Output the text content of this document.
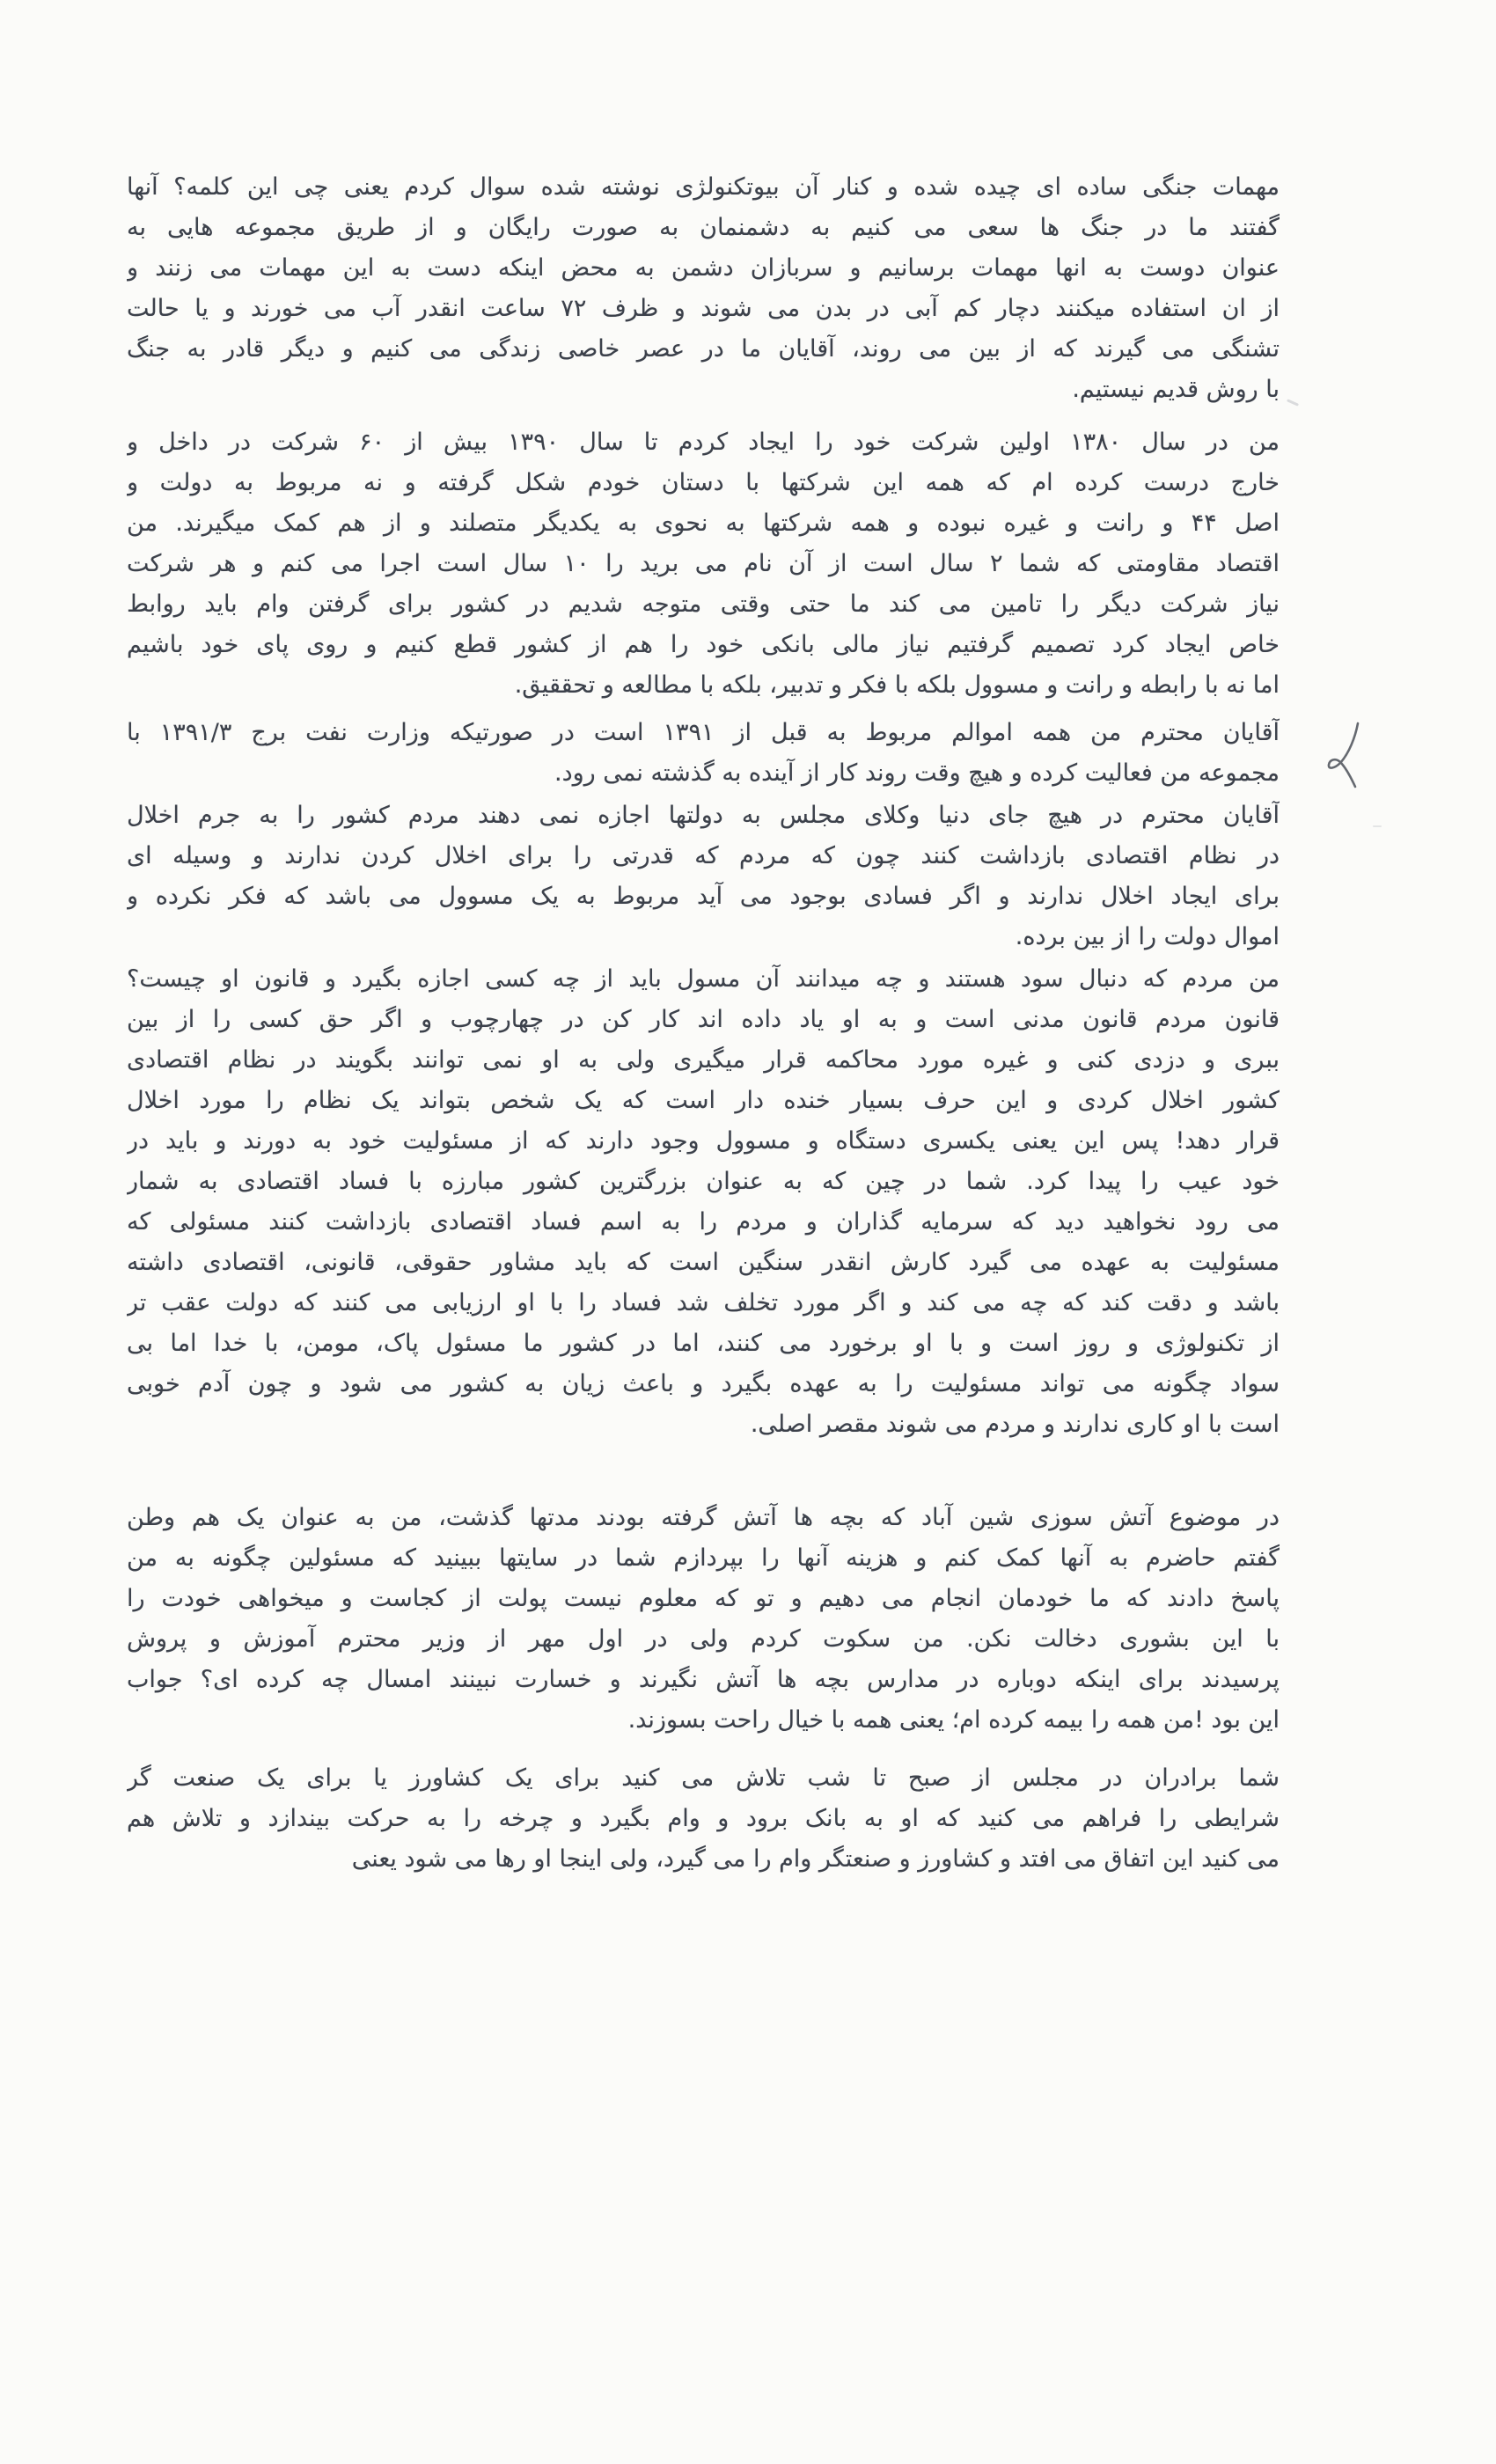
مهمات جنگی ساده ای چیده شده و کنار آن بیوتکنولژی نوشته شده سوال کردم یعنی چی این کلمه؟ آنها
گفتند ما در جنگ ها سعی می کنیم به دشمنمان به صورت رایگان و از طریق مجموعه هایی به
عنوان دوست به انها مهمات برسانیم و سربازان دشمن به محض اینکه دست به این مهمات می زنند و
از ان استفاده میکنند دچار کم آبی در بدن می شوند و ظرف ۷۲ ساعت انقدر آب می خورند و یا حالت
تشنگی می گیرند که از بین می روند، آقایان ما در عصر خاصی زندگی می کنیم و دیگر قادر به جنگ
با روش قدیم نیستیم.

من در سال ۱۳۸۰ اولین شرکت خود را ایجاد کردم تا سال ۱۳۹۰ بیش از ۶۰ شرکت در داخل و
خارج درست کرده ام که همه این شرکتها با دستان خودم شکل گرفته و نه مربوط به دولت و
اصل ۴۴ و رانت و غیره نبوده و همه شرکتها به نحوی به یکدیگر متصلند و از هم کمک میگیرند. من
اقتصاد مقاومتی که شما ۲ سال است از آن نام می برید را ۱۰ سال است اجرا می کنم و هر شرکت
نیاز شرکت دیگر را تامین می کند ما حتی وقتی متوجه شدیم در کشور برای گرفتن وام باید روابط
خاص ایجاد کرد تصمیم گرفتیم نیاز مالی بانکی خود را هم از کشور قطع کنیم و روی پای خود باشیم
اما نه با رابطه و رانت و مسوول بلکه با فکر و تدبیر، بلکه با مطالعه و تحققیق.

آقایان محترم من همه اموالم مربوط به قبل از ۱۳۹۱ است در صورتیکه وزارت نفت برج ۱۳۹۱/۳ با
مجموعه من فعالیت کرده و هیچ وقت روند کار از آینده به گذشته نمی رود.

آقایان محترم در هیچ جای دنیا وکلای مجلس به دولتها اجازه نمی دهند مردم کشور را به جرم اخلال
در نظام اقتصادی بازداشت کنند چون که مردم که قدرتی را برای اخلال کردن ندارند و وسیله ای
برای ایجاد اخلال ندارند و اگر فسادی بوجود می آید مربوط به یک مسوول می باشد که فکر نکرده و
اموال دولت را از بین برده.

من مردم که دنبال سود هستند و چه میدانند آن مسول باید از چه کسی اجازه بگیرد و قانون او چیست؟
قانون مردم قانون مدنی است و به او یاد داده اند کار کن در چهارچوب و اگر حق کسی را از بین
ببری و دزدی کنی و غیره مورد محاکمه قرار میگیری ولی به او نمی توانند بگویند در نظام اقتصادی
کشور اخلال کردی و این حرف بسیار خنده دار است که یک شخص بتواند یک نظام را مورد اخلال
قرار دهد! پس این یعنی یکسری دستگاه و مسوول وجود دارند که از مسئولیت خود به دورند و باید در
خود عیب را پیدا کرد. شما در چین که به عنوان بزرگترین کشور مبارزه با فساد اقتصادی به شمار
می رود نخواهید دید که سرمایه گذاران و مردم را به اسم فساد اقتصادی بازداشت کنند مسئولی که
مسئولیت به عهده می گیرد کارش انقدر سنگین است که باید مشاور حقوقی، قانونی، اقتصادی داشته
باشد و دقت کند که چه می کند و اگر مورد تخلف شد فساد را با او ارزیابی می کنند که دولت عقب تر
از تکنولوژی و روز است و با او برخورد می کنند، اما در کشور ما مسئول پاک، مومن، با خدا اما بی
سواد چگونه می تواند مسئولیت را به عهده بگیرد و باعث زیان به کشور می شود و چون آدم خوبی
است با او کاری ندارند و مردم می شوند مقصر اصلی.

در موضوع آتش سوزی شین آباد که بچه ها آتش گرفته بودند مدتها گذشت، من به عنوان یک هم وطن
گفتم حاضرم به آنها کمک کنم و هزینه آنها را بپردازم شما در سایتها ببینید که مسئولین چگونه به من
پاسخ دادند که ما خودمان انجام می دهیم و تو که معلوم نیست پولت از کجاست و میخواهی خودت را
با این بشوری دخالت نکن. من سکوت کردم ولی در اول مهر از وزیر محترم آموزش و پروش
پرسیدند برای اینکه دوباره در مدارس بچه ها آتش نگیرند و خسارت نبینند امسال چه کرده ای؟ جواب
این بود !من همه را بیمه کرده ام؛ یعنی همه با خیال راحت بسوزند.

شما برادران در مجلس از صبح تا شب تلاش می کنید برای یک کشاورز یا برای یک صنعت گر
شرایطی را فراهم می کنید که او به بانک برود و وام بگیرد و چرخه را به حرکت بیندازد و تلاش هم
می کنید این اتفاق می افتد و کشاورز و صنعتگر وام را می گیرد، ولی اینجا او رها می شود یعنی
